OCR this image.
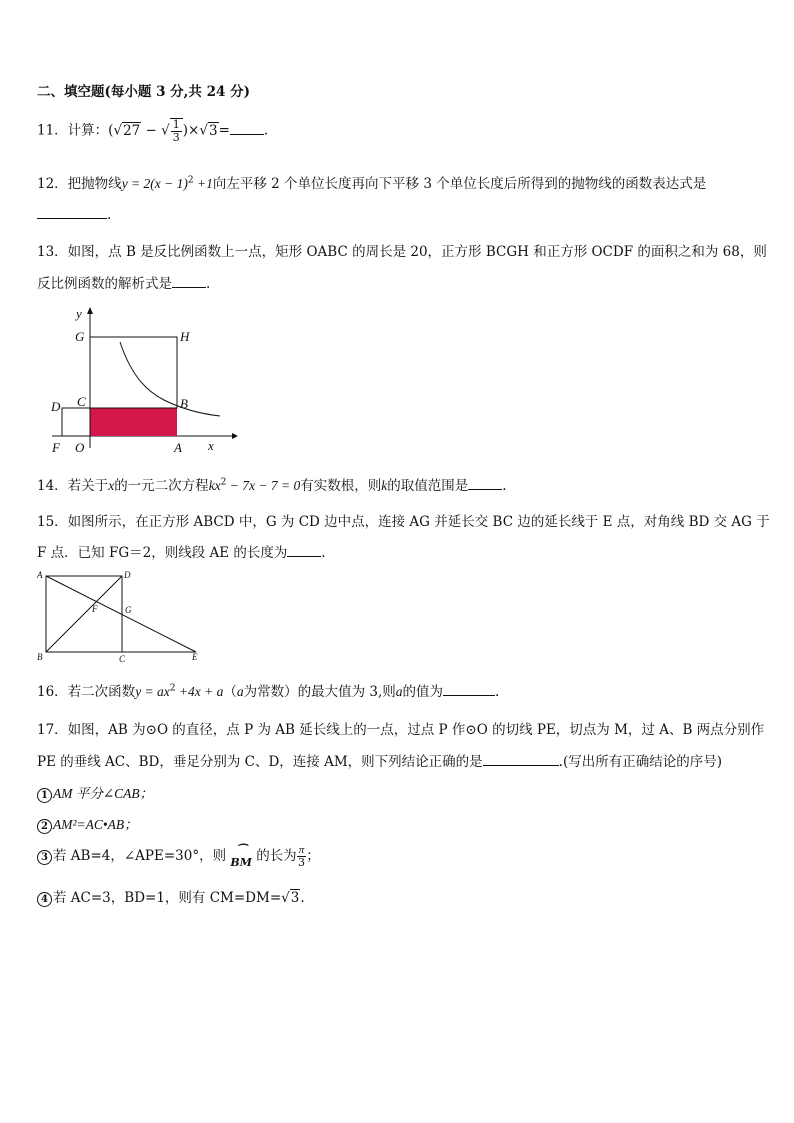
二、填空题(每小题 3 分,共 24 分)
11．计算：(√27 − √ $\frac{1}{3} )\times√3=$	.
12．把抛物线$y = 2(x - 1)^2 +1$向左平移 2 个单位长度再向下平移 3 个单位长度后所得到的抛物线的函数表达式是
.
13．如图，点 B 是反比例函数上一点，矩形 OABC 的周长是 20，正方形 BCGH 和正方形 OCDF 的面积之和为 68，则
反比例函数的解析式是	.
y
G	H
D C	B
F O	A x
14．若关于x的一元二次方程$kx^2 - 7x - 7 = 0$有实数根，则k的取值范围是	.
15．如图所示，在正方形 ABCD 中，G 为 CD 边中点，连接 AG 并延长交 BC 边的延长线于 E 点，对角线 BD 交 AG 于
F 点．已知 FG＝2，则线段 AE 的长度为	.
A	D
F	G
B	C	E
16．若二次函数$y = ax^2 +4x + a(a$为常数）的最大值为 3,则a的值为	.
17．如图，AB 为⊙O 的直径，点 P 为 AB 延长线上的一点，过点 P 作⊙O 的切线 PE，切点为 M，过 A、B 两点分别作
PE 的垂线 AC、BD，垂足分别为 C、D，连接 AM，则下列结论正确的是	.(写出所有正确结论的序号)
1 AM 平分∠CAB；
2 AM²=AC•AB；
3 若 AB=4，∠APE=30°，则 ⁀
BM 的长为 $\frac{\pi}{3}$ ；
4 若 AC=3，BD=1，则有 CM=DM=√3.
